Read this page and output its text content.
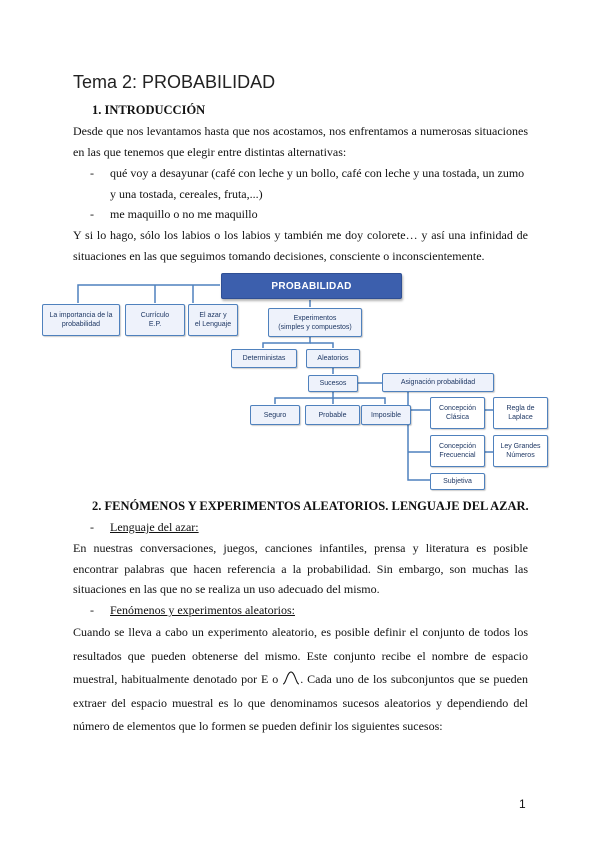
Tema 2: PROBABILIDAD
1. INTRODUCCIÓN

Desde que nos levantamos hasta que nos acostamos, nos enfrentamos a numerosas situaciones en las que tenemos que elegir entre distintas alternativas:

- qué voy a desayunar (café con leche y un bollo, café con leche y una tostada, un zumo y una tostada, cereales, fruta,...)

- me maquillo o no me maquillo

Y si lo hago, sólo los labios o los labios y también me doy colorete… y así una infinidad de situaciones en las que seguimos tomando decisiones, consciente o inconscientemente.

PROBABILIDAD
La importancia de la
probabilidad
Currículo
E.P.
El azar y
el Lenguaje
Experimentos
(simples y compuestos)
Deterministas	Aleatorios
Sucesos	Asignación probabilidad
Seguro	Probable	Imposible
Concepción
Clásica
Regla de
Laplace
Concepción
Frecuencial
Ley Grandes
Números
Subjetiva
2. FENÓMENOS Y EXPERIMENTOS ALEATORIOS. LENGUAJE DEL AZAR.
- Lenguaje del azar:

En nuestras conversaciones, juegos, canciones infantiles, prensa y literatura es posible encontrar palabras que hacen referencia a la probabilidad. Sin embargo, son muchas las situaciones en las que no se realiza un uso adecuado del mismo.

- Fenómenos y experimentos aleatorios:

Cuando se lleva a cabo un experimento aleatorio, es posible definir el conjunto de todos los resultados que pueden obtenerse del mismo. Este conjunto recibe el nombre de espacio muestral, habitualmente denotado por E o . Cada uno de los subconjuntos que se pueden extraer del espacio muestral es lo que denominamos sucesos aleatorios y dependiendo del número de elementos que lo formen se pueden definir los siguientes sucesos:

1
